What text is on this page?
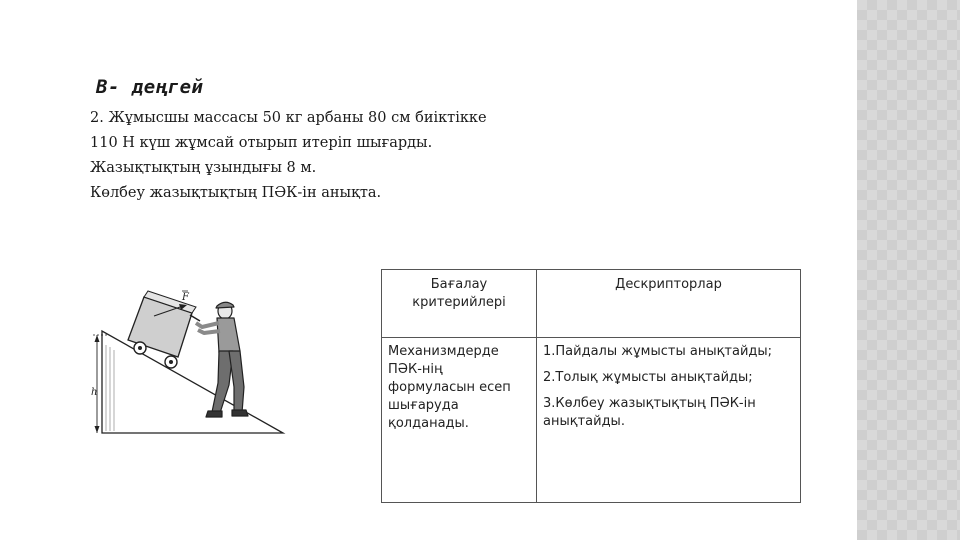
В- деңгей
2. Жұмысшы массасы 50 кг арбаны 80 см биіктікке
110 Н күш жұмсай отырып итеріп шығарды.
Жазықтықтың ұзындығы 8 м.
Көлбеу жазықтықтың ПӘК-ін анықта.
h
F
Бағалау критерийлері	Дескрипторлар
Механизмдерде ПӘК-нің формуласын есеп шығаруда қолданады.	1.Пайдалы жұмысты анықтайды;
2.Толық жұмысты анықтайды;
3.Көлбеу жазықтықтың ПӘК-ін анықтайды.
